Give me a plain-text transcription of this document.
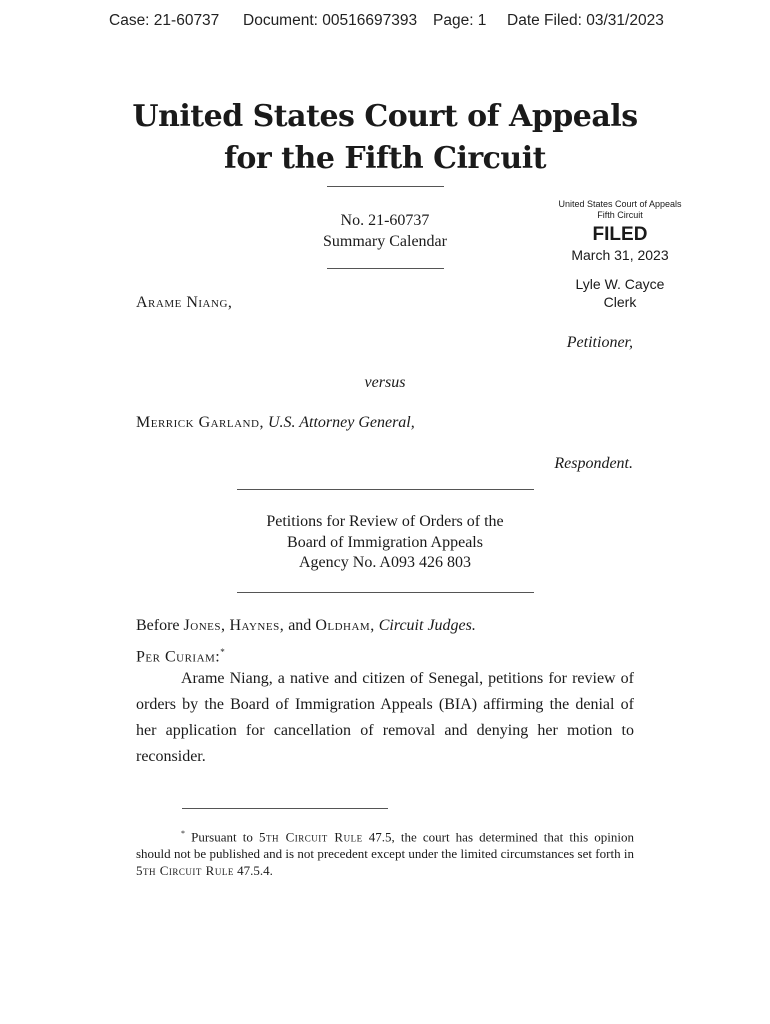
Case: 21-60737 Document: 00516697393 Page: 1 Date Filed: 03/31/2023
United States Court of Appeals
for the Fifth Circuit
No. 21-60737
Summary Calendar
United States Court of Appeals
Fifth Circuit
FILED
March 31, 2023
Lyle W. Cayce
Clerk
Arame Niang,
Petitioner,
versus
Merrick Garland, U.S. Attorney General,
Respondent.
Petitions for Review of Orders of the
Board of Immigration Appeals
Agency No. A093 426 803
Before Jones, Haynes, and Oldham, Circuit Judges.
Per Curiam:*
Arame Niang, a native and citizen of Senegal, petitions for review of orders by the Board of Immigration Appeals (BIA) affirming the denial of her application for cancellation of removal and denying her motion to reconsider.
* Pursuant to 5th Circuit Rule 47.5, the court has determined that this opinion should not be published and is not precedent except under the limited circumstances set forth in 5th Circuit Rule 47.5.4.
